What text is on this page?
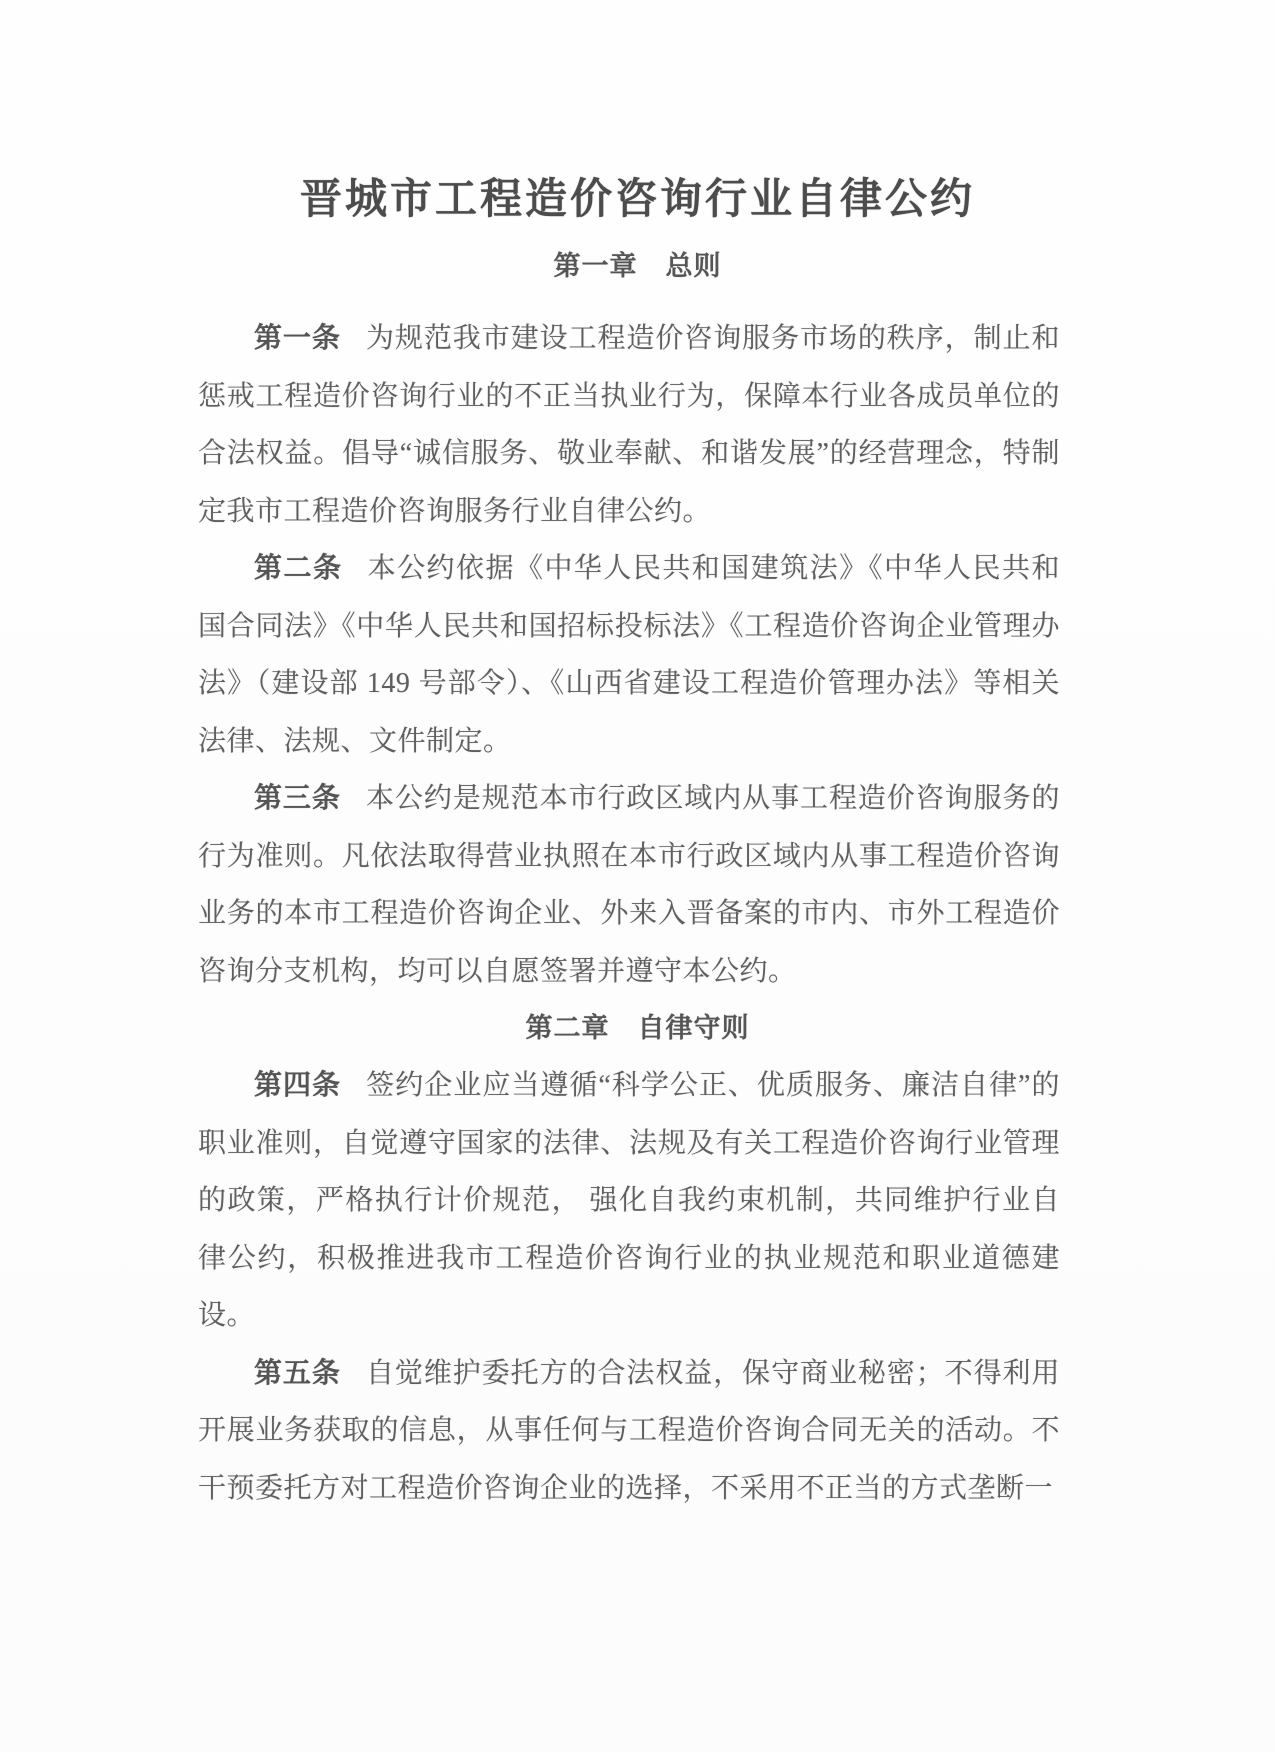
晋城市工程造价咨询行业自律公约
第一章　总则

第一条 为规范我市建设工程造价咨询服务市场的秩序，制止和惩戒工程造价咨询行业的不正当执业行为，保障本行业各成员单位的合法权益。倡导“诚信服务、敬业奉献、和谐发展”的经营理念，特制定我市工程造价咨询服务行业自律公约。

第二条 本公约依据《中华人民共和国建筑法》《中华人民共和国合同法》《中华人民共和国招标投标法》《工程造价咨询企业管理办法》（建设部 149 号部令）、《山西省建设工程造价管理办法》等相关法律、法规、文件制定。

第三条 本公约是规范本市行政区域内从事工程造价咨询服务的行为准则。凡依法取得营业执照在本市行政区域内从事工程造价咨询业务的本市工程造价咨询企业、外来入晋备案的市内、市外工程造价咨询分支机构，均可以自愿签署并遵守本公约。

第二章　自律守则

第四条 签约企业应当遵循“科学公正、优质服务、廉洁自律”的职业准则，自觉遵守国家的法律、法规及有关工程造价咨询行业管理的政策，严格执行计价规范， 强化自我约束机制，共同维护行业自律公约，积极推进我市工程造价咨询行业的执业规范和职业道德建设。

第五条 自觉维护委托方的合法权益，保守商业秘密；不得利用开展业务获取的信息，从事任何与工程造价咨询合同无关的活动。不干预委托方对工程造价咨询企业的选择，不采用不正当的方式垄断一
